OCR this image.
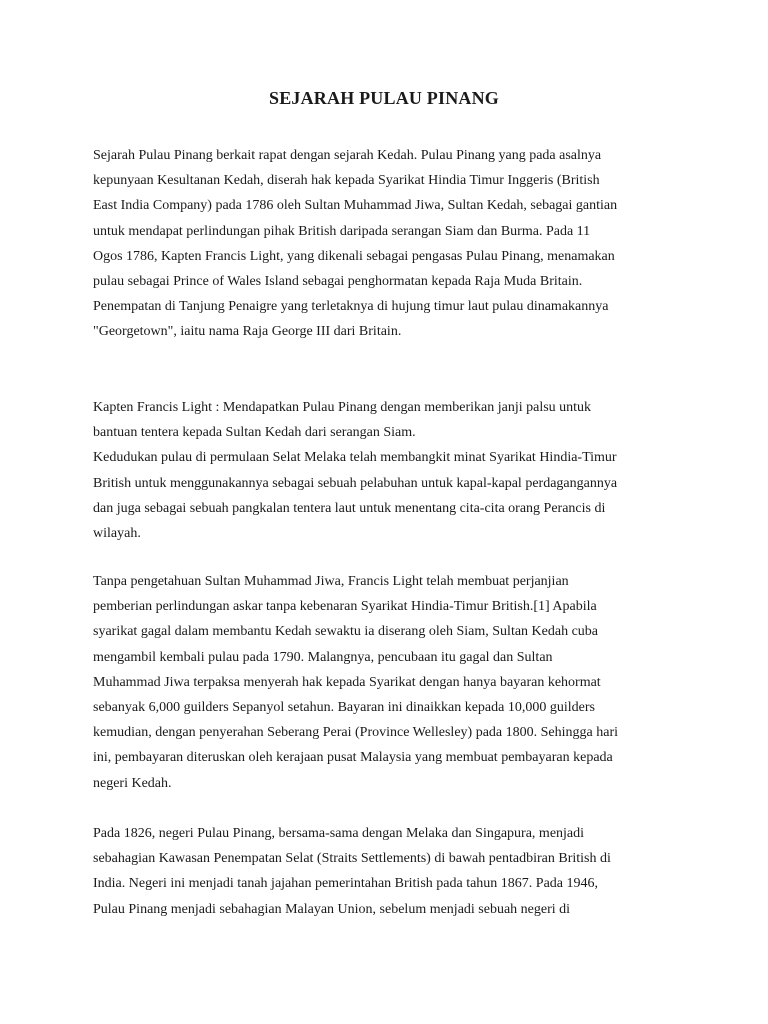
SEJARAH PULAU PINANG

Sejarah Pulau Pinang berkait rapat dengan sejarah Kedah. Pulau Pinang yang pada asalnya
kepunyaan Kesultanan Kedah, diserah hak kepada Syarikat Hindia Timur Inggeris (British
East India Company) pada 1786 oleh Sultan Muhammad Jiwa, Sultan Kedah, sebagai gantian
untuk mendapat perlindungan pihak British daripada serangan Siam dan Burma. Pada 11
Ogos 1786, Kapten Francis Light, yang dikenali sebagai pengasas Pulau Pinang, menamakan
pulau sebagai Prince of Wales Island sebagai penghormatan kepada Raja Muda Britain.
Penempatan di Tanjung Penaigre yang terletaknya di hujung timur laut pulau dinamakannya
"Georgetown", iaitu nama Raja George III dari Britain.

Kapten Francis Light : Mendapatkan Pulau Pinang dengan memberikan janji palsu untuk
bantuan tentera kepada Sultan Kedah dari serangan Siam.
Kedudukan pulau di permulaan Selat Melaka telah membangkit minat Syarikat Hindia-Timur
British untuk menggunakannya sebagai sebuah pelabuhan untuk kapal-kapal perdagangannya
dan juga sebagai sebuah pangkalan tentera laut untuk menentang cita-cita orang Perancis di
wilayah.

Tanpa pengetahuan Sultan Muhammad Jiwa, Francis Light telah membuat perjanjian
pemberian perlindungan askar tanpa kebenaran Syarikat Hindia-Timur British.[1] Apabila
syarikat gagal dalam membantu Kedah sewaktu ia diserang oleh Siam, Sultan Kedah cuba
mengambil kembali pulau pada 1790. Malangnya, pencubaan itu gagal dan Sultan
Muhammad Jiwa terpaksa menyerah hak kepada Syarikat dengan hanya bayaran kehormat
sebanyak 6,000 guilders Sepanyol setahun. Bayaran ini dinaikkan kepada 10,000 guilders
kemudian, dengan penyerahan Seberang Perai (Province Wellesley) pada 1800. Sehingga hari
ini, pembayaran diteruskan oleh kerajaan pusat Malaysia yang membuat pembayaran kepada
negeri Kedah.

Pada 1826, negeri Pulau Pinang, bersama-sama dengan Melaka dan Singapura, menjadi
sebahagian Kawasan Penempatan Selat (Straits Settlements) di bawah pentadbiran British di
India. Negeri ini menjadi tanah jajahan pemerintahan British pada tahun 1867. Pada 1946,
Pulau Pinang menjadi sebahagian Malayan Union, sebelum menjadi sebuah negeri di
